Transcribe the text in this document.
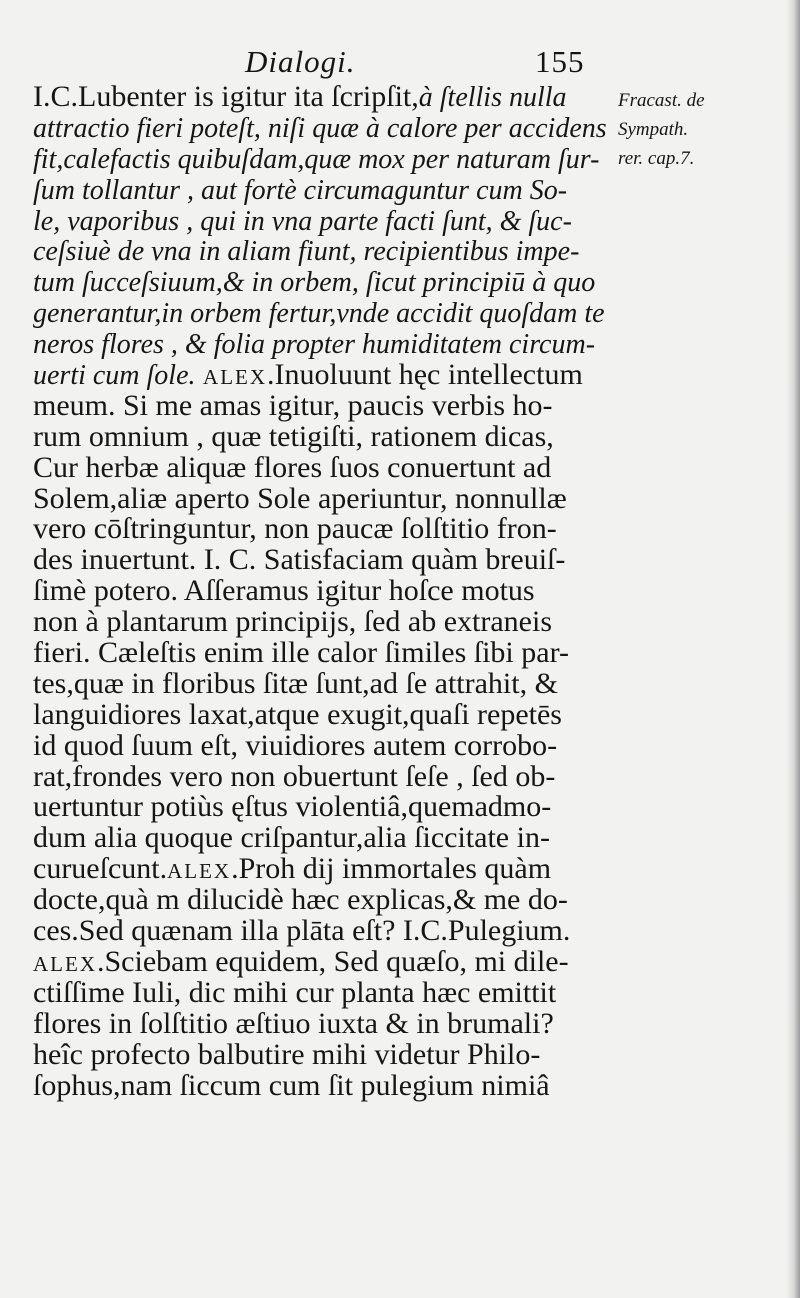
Dialogi.	155
I.C.Lubenter is igitur ita ſcripſit,à ſtellis nulla
attractio fieri poteſt, niſi quæ à calore per accidens
fit,calefactis quibuſdam,quæ mox per naturam ſur-
ſum tollantur , aut fortè circumaguntur cum So-
le, vaporibus , qui in vna parte facti ſunt, & ſuc-
ceſsiuè de vna in aliam fiunt, recipientibus impe-
tum ſucceſsiuum,& in orbem, ſicut principiū à quo
generantur,in orbem fertur,vnde accidit quoſdam te
neros flores , & folia propter humiditatem circum-
uerti cum ſole. ALEX.Inuoluunt hęc intellectum
meum. Si me amas igitur, paucis verbis ho-
rum omnium , quæ tetigiſti, rationem dicas,
Cur herbæ aliquæ flores ſuos conuertunt ad
Solem,aliæ aperto Sole aperiuntur, nonnullæ
vero cōſtringuntur, non paucæ ſolſtitio fron-
des inuertunt. I. C. Satisfaciam quàm breuiſ-
ſimè potero. Aſſeramus igitur hoſce motus
non à plantarum principijs, ſed ab extraneis
fieri. Cæleſtis enim ille calor ſimiles ſibi par-
tes,quæ in floribus ſitæ ſunt,ad ſe attrahit, &
languidiores laxat,atque exugit,quaſi repetēs
id quod ſuum eſt, viuidiores autem corrobo-
rat,frondes vero non obuertunt ſeſe , ſed ob-
uertuntur potiùs ęſtus violentiâ,quemadmo-
dum alia quoque criſpantur,alia ſiccitate in-
curueſcunt.ALEX.Proh dij immortales quàm
docte,quà m dilucidè hæc explicas,& me do-
ces.Sed quænam illa plāta eſt? I.C.Pulegium.
ALEX.Sciebam equidem, Sed quæſo, mi dile-
ctiſſime Iuli, dic mihi cur planta hæc emittit
flores in ſolſtitio æſtiuo iuxta & in brumali?
heîc profecto balbutire mihi videtur Philo-
ſophus,nam ſiccum cum ſit pulegium nimiâ
Fracast. de
Sympath.
rer. cap.7.
